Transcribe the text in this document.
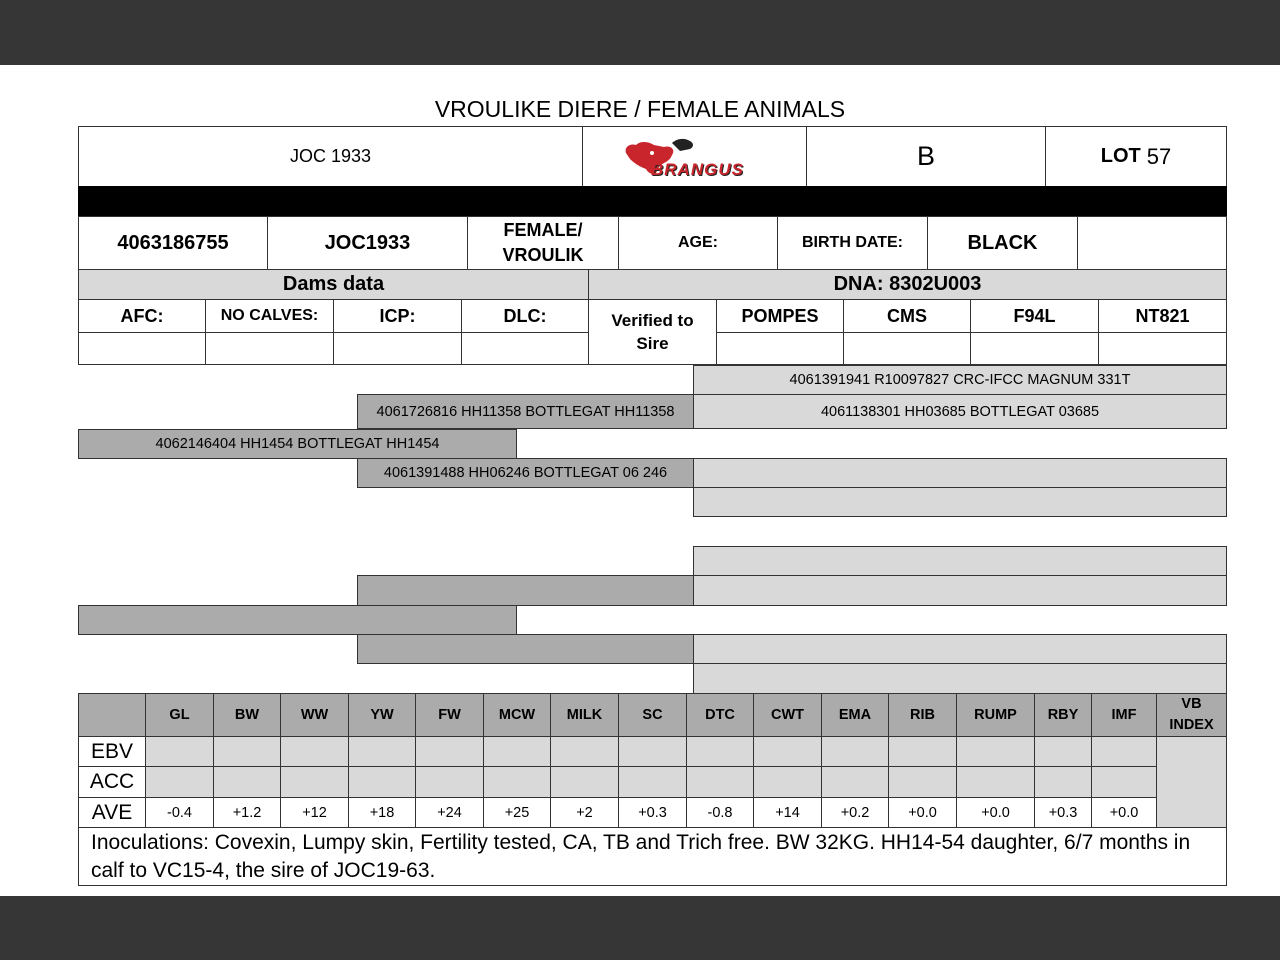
VROULIKE DIERE / FEMALE ANIMALS
JOC 1933
BRANGUS	B	LOT 57
4063186755	JOC1933
FEMALE/
VROULIK
AGE:	BIRTH DATE:	BLACK
Dams data	DNA: 8302U003
AFC:	NO CALVES:	ICP:	DLC:	Verified to
Sire
POMPES	CMS	F94L	NT821
4061391941 R10097827 CRC-IFCC MAGNUM 331T
4061726816 HH11358 BOTTLEGAT HH11358	4061138301 HH03685 BOTTLEGAT 03685
4062146404 HH1454 BOTTLEGAT HH1454
4061391488 HH06246 BOTTLEGAT 06 246
GL	BW	WW	YW	FW	MCW	MILK	SC	DTC	CWT	EMA	RIB	RUMP	RBY	IMF
VB
INDEX
EBV
ACC
AVE	-0.4	+1.2	+12	+18	+24	+25	+2	+0.3	-0.8	+14	+0.2	+0.0	+0.0	+0.3	+0.0
Inoculations: Covexin, Lumpy skin, Fertility tested, CA, TB and Trich free. BW 32KG. HH14-54 daughter, 6/7 months in calf to VC15-4, the sire of JOC19-63.
